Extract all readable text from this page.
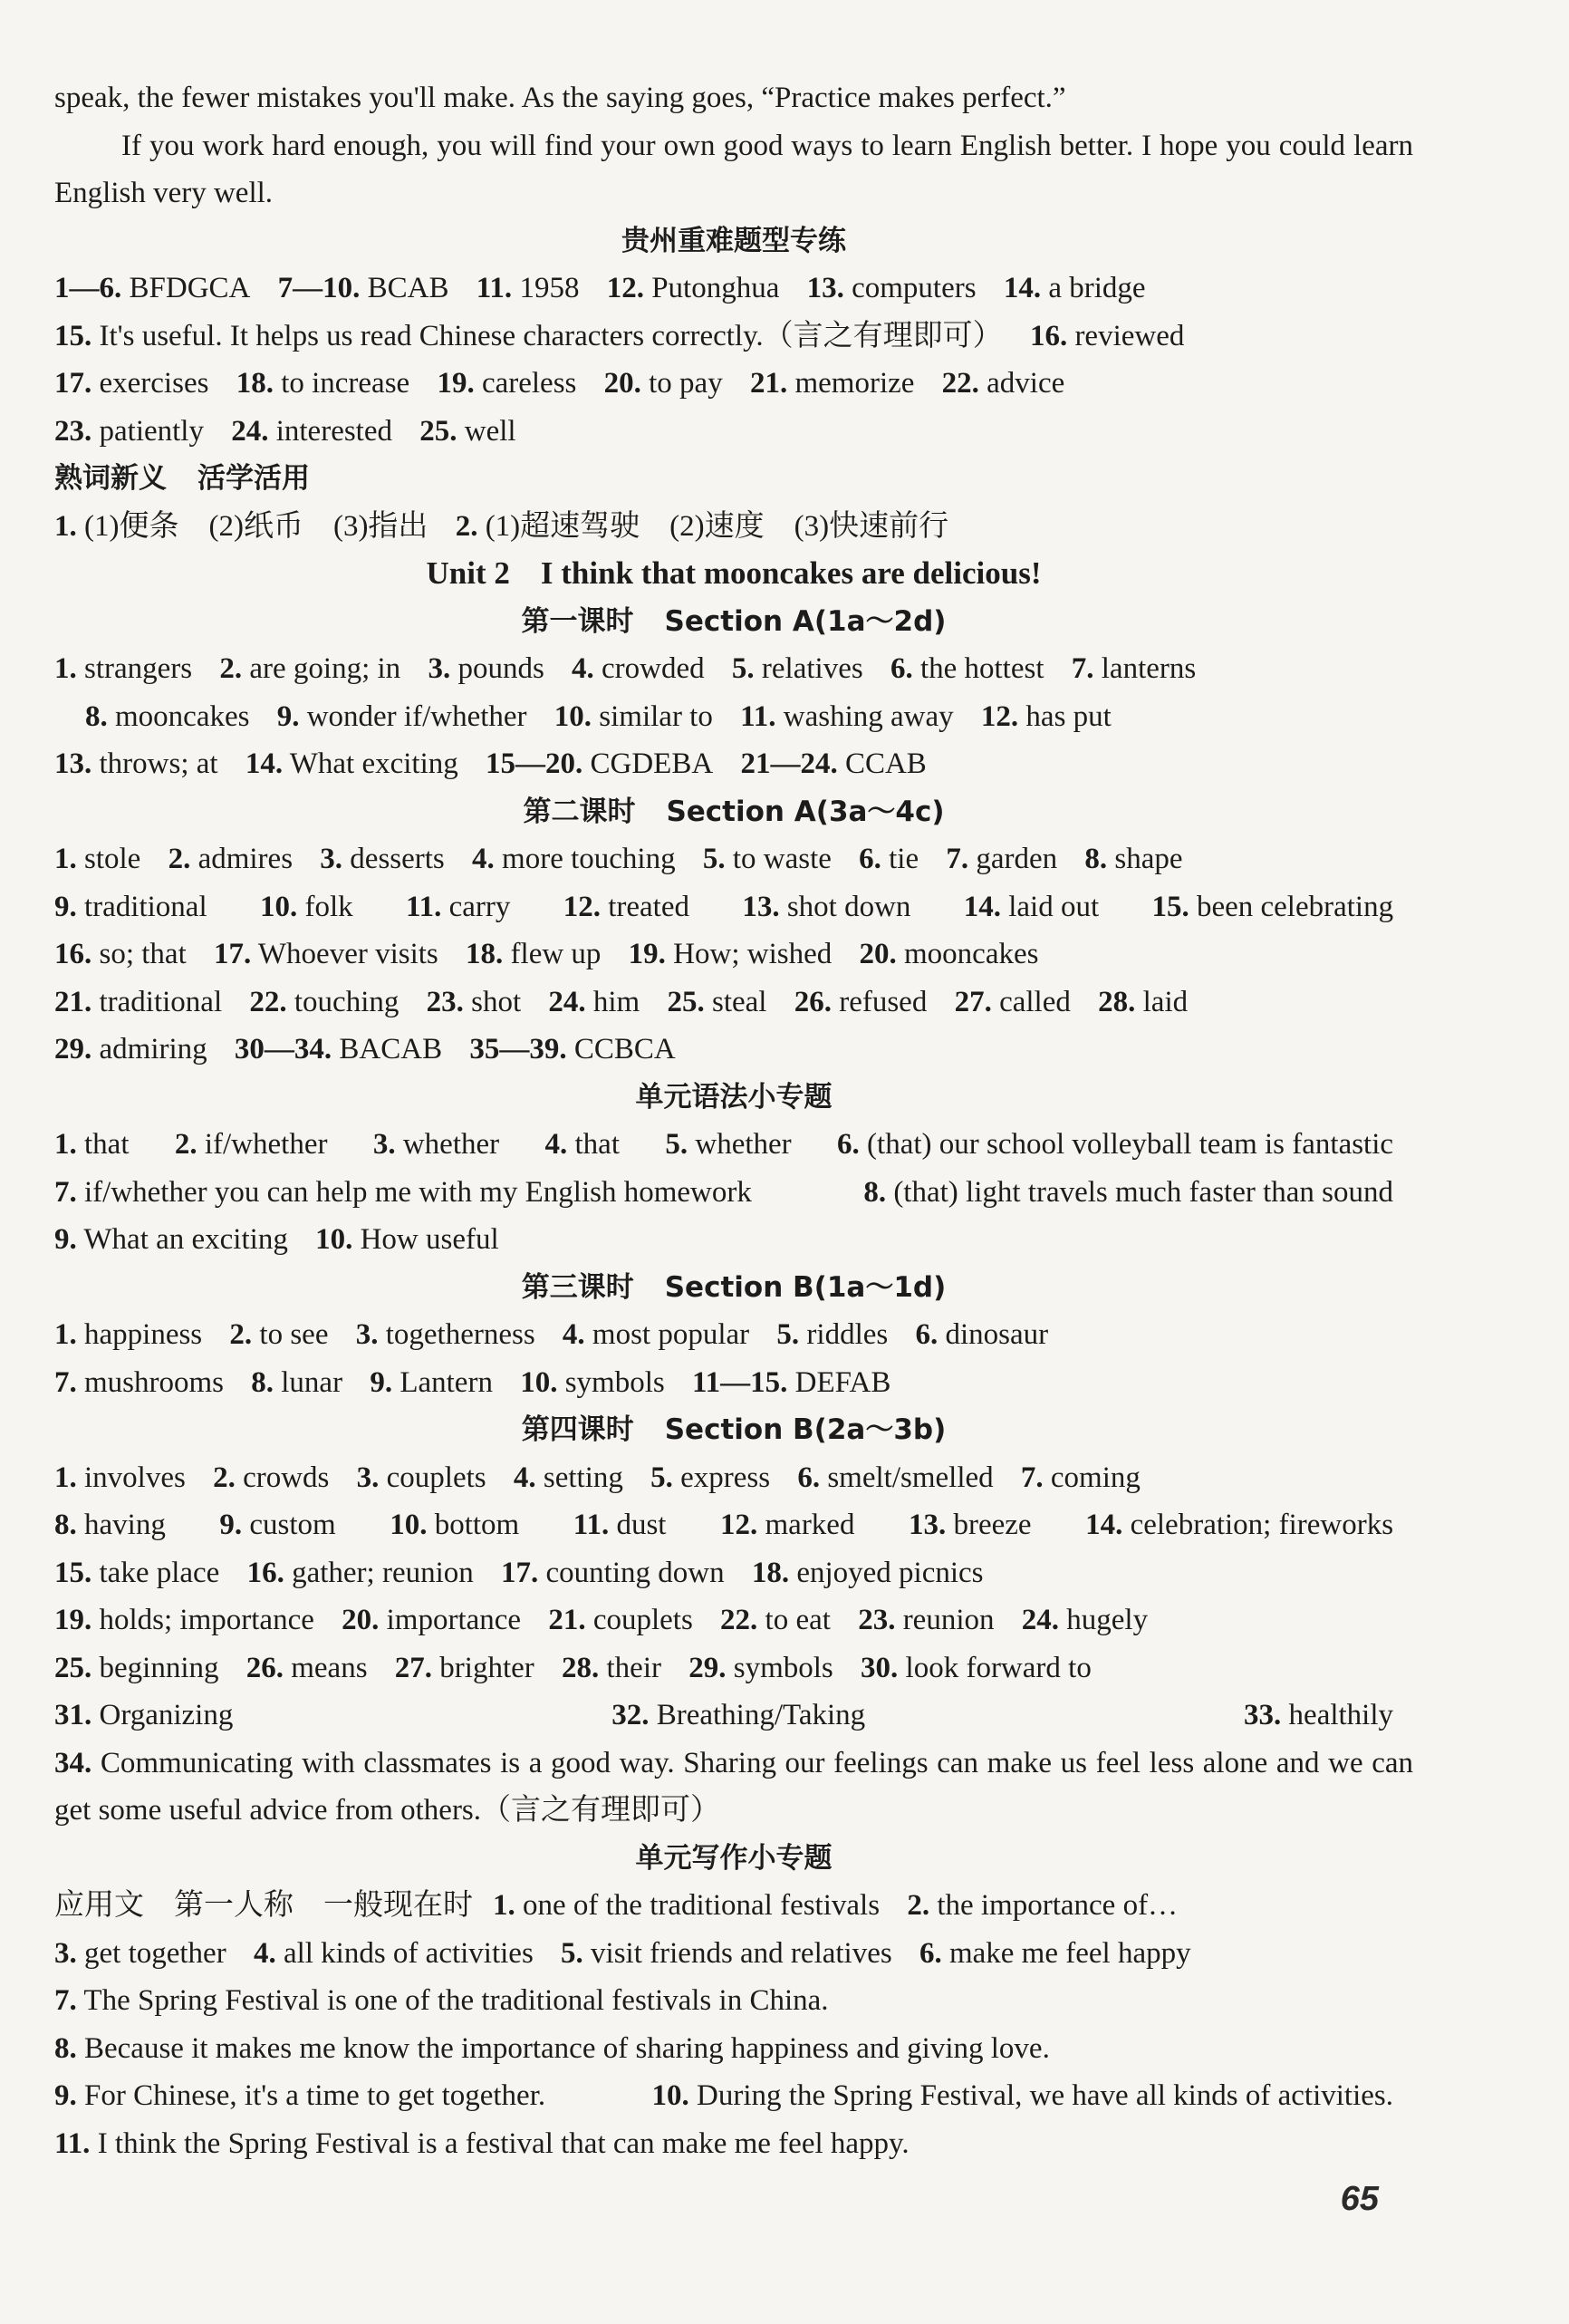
speak, the fewer mistakes you'll make. As the saying goes, “Practice makes perfect.”

If you work hard enough, you will find your own good ways to learn English better. I hope you could learn English very well.

贵州重难题型专练

1—6. BFDGCA 7—10. BCAB 11. 1958 12. Putonghua 13. computers 14. a bridge

15. It's useful. It helps us read Chinese characters correctly.（言之有理即可） 16. reviewed

17. exercises 18. to increase 19. careless 20. to pay 21. memorize 22. advice

23. patiently 24. interested 25. well

熟词新义 活学活用

1. (1)便条　(2)纸币　(3)指出 2. (1)超速驾驶　(2)速度　(3)快速前行

Unit 2 I think that mooncakes are delicious!

第一课时 Section A(1a～2d)

1. strangers 2. are going; in 3. pounds 4. crowded 5. relatives 6. the hottest 7. lanterns

8. mooncakes 9. wonder if/whether 10. similar to 11. washing away 12. has put

13. throws; at 14. What exciting 15—20. CGDEBA 21—24. CCAB

第二课时 Section A(3a～4c)

1. stole 2. admires 3. desserts 4. more touching 5. to waste 6. tie 7. garden 8. shape

9. traditional 10. folk 11. carry 12. treated 13. shot down 14. laid out 15. been celebrating 16. so; that 17. Whoever visits 18. flew up 19. How; wished 20. mooncakes

21. traditional 22. touching 23. shot 24. him 25. steal 26. refused 27. called 28. laid

29. admiring 30—34. BACAB 35—39. CCBCA

单元语法小专题

1. that 2. if/whether 3. whether 4. that 5. whether 6. (that) our school volleyball team is fantastic 7. if/whether you can help me with my English homework	8. (that) light travels much faster than sound 9. What an exciting 10. How useful

第三课时 Section B(1a～1d)

1. happiness 2. to see 3. togetherness 4. most popular 5. riddles 6. dinosaur

7. mushrooms 8. lunar 9. Lantern 10. symbols 11—15. DEFAB

第四课时 Section B(2a～3b)

1. involves 2. crowds 3. couplets 4. setting 5. express 6. smelt/smelled 7. coming

8. having 9. custom 10. bottom 11. dust 12. marked 13. breeze 14. celebration; fireworks 15. take place 16. gather; reunion 17. counting down 18. enjoyed picnics

19. holds; importance 20. importance 21. couplets 22. to eat 23. reunion 24. hugely

25. beginning 26. means 27. brighter 28. their 29. symbols 30. look forward to

31. Organizing	32. Breathing/Taking	33. healthily 34. Communicating with classmates is a good way. Sharing our feelings can make us feel less alone and we can get some useful advice from others.（言之有理即可）

单元写作小专题

应用文　第一人称　一般现在时 1. one of the traditional festivals 2. the importance of…

3. get together 4. all kinds of activities 5. visit friends and relatives 6. make me feel happy

7. The Spring Festival is one of the traditional festivals in China. 8. Because it makes me know the importance of sharing happiness and giving love. 9. For Chinese, it's a time to get together.	10. During the Spring Festival, we have all kinds of activities. 11. I think the Spring Festival is a festival that can make me feel happy.

65
